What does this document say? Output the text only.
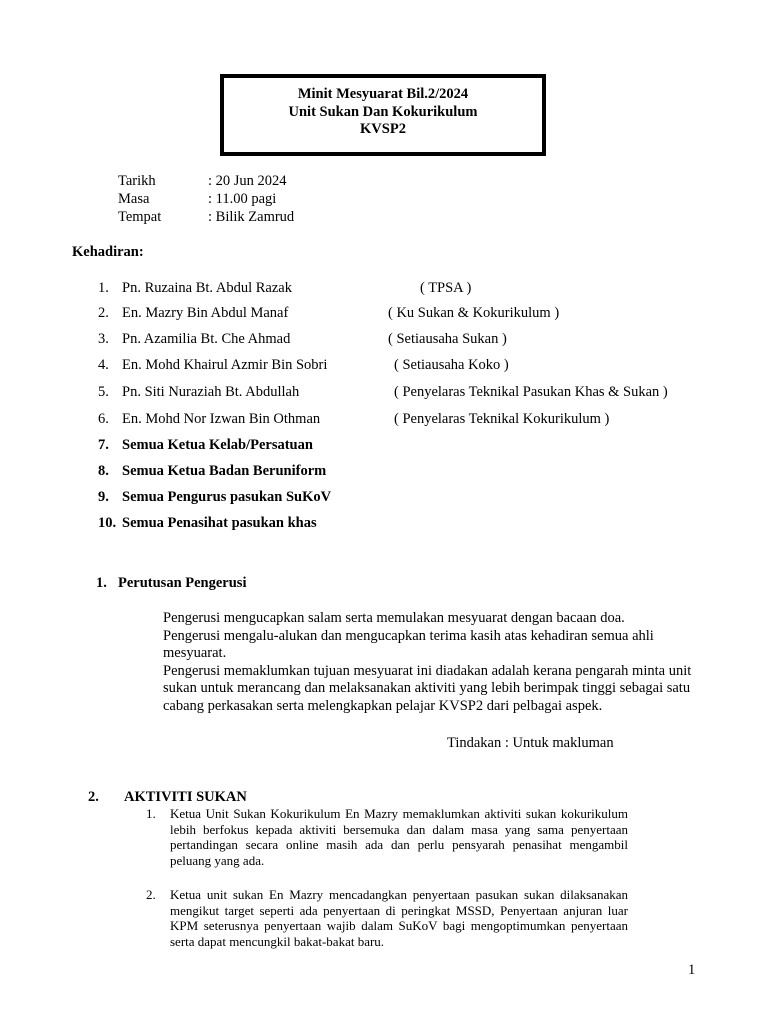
Minit Mesyuarat Bil.2/2024
Unit Sukan Dan Kokurikulum
KVSP2
Tarikh	: 20 Jun 2024
Masa	: 11.00 pagi
Tempat	: Bilik Zamrud
Kehadiran:
1. Pn. Ruzaina Bt. Abdul Razak	( TPSA )
2. En. Mazry Bin Abdul Manaf	( Ku Sukan & Kokurikulum )
3. Pn. Azamilia Bt. Che Ahmad	( Setiausaha Sukan )
4. En. Mohd Khairul Azmir Bin Sobri	( Setiausaha Koko )
5. Pn. Siti Nuraziah Bt. Abdullah	( Penyelaras Teknikal Pasukan Khas & Sukan )
6. En. Mohd Nor Izwan Bin Othman	( Penyelaras Teknikal Kokurikulum )
7. Semua Ketua Kelab/Persatuan
8. Semua Ketua Badan Beruniform
9. Semua Pengurus pasukan SuKoV
10. Semua Penasihat pasukan khas
1. Perutusan Pengerusi

Pengerusi mengucapkan salam serta memulakan mesyuarat dengan bacaan doa.

Pengerusi mengalu-alukan dan mengucapkan terima kasih atas kehadiran semua ahli mesyuarat.

Pengerusi memaklumkan tujuan mesyuarat ini diadakan adalah kerana pengarah minta unit sukan untuk merancang dan melaksanakan aktiviti yang lebih berimpak tinggi sebagai satu cabang perkasakan serta melengkapkan pelajar KVSP2 dari pelbagai aspek.

Tindakan : Untuk makluman
2. AKTIVITI SUKAN
1.	Ketua Unit Sukan Kokurikulum En Mazry memaklumkan aktiviti sukan kokurikulum lebih berfokus kepada aktiviti bersemuka dan dalam masa yang sama penyertaan pertandingan secara online masih ada dan perlu pensyarah penasihat mengambil peluang yang ada.
2.	Ketua unit sukan En Mazry mencadangkan penyertaan pasukan sukan dilaksanakan mengikut target seperti ada penyertaan di peringkat MSSD, Penyertaan anjuran luar KPM seterusnya penyertaan wajib dalam SuKoV bagi mengoptimumkan penyertaan serta dapat mencungkil bakat-bakat baru.
1
